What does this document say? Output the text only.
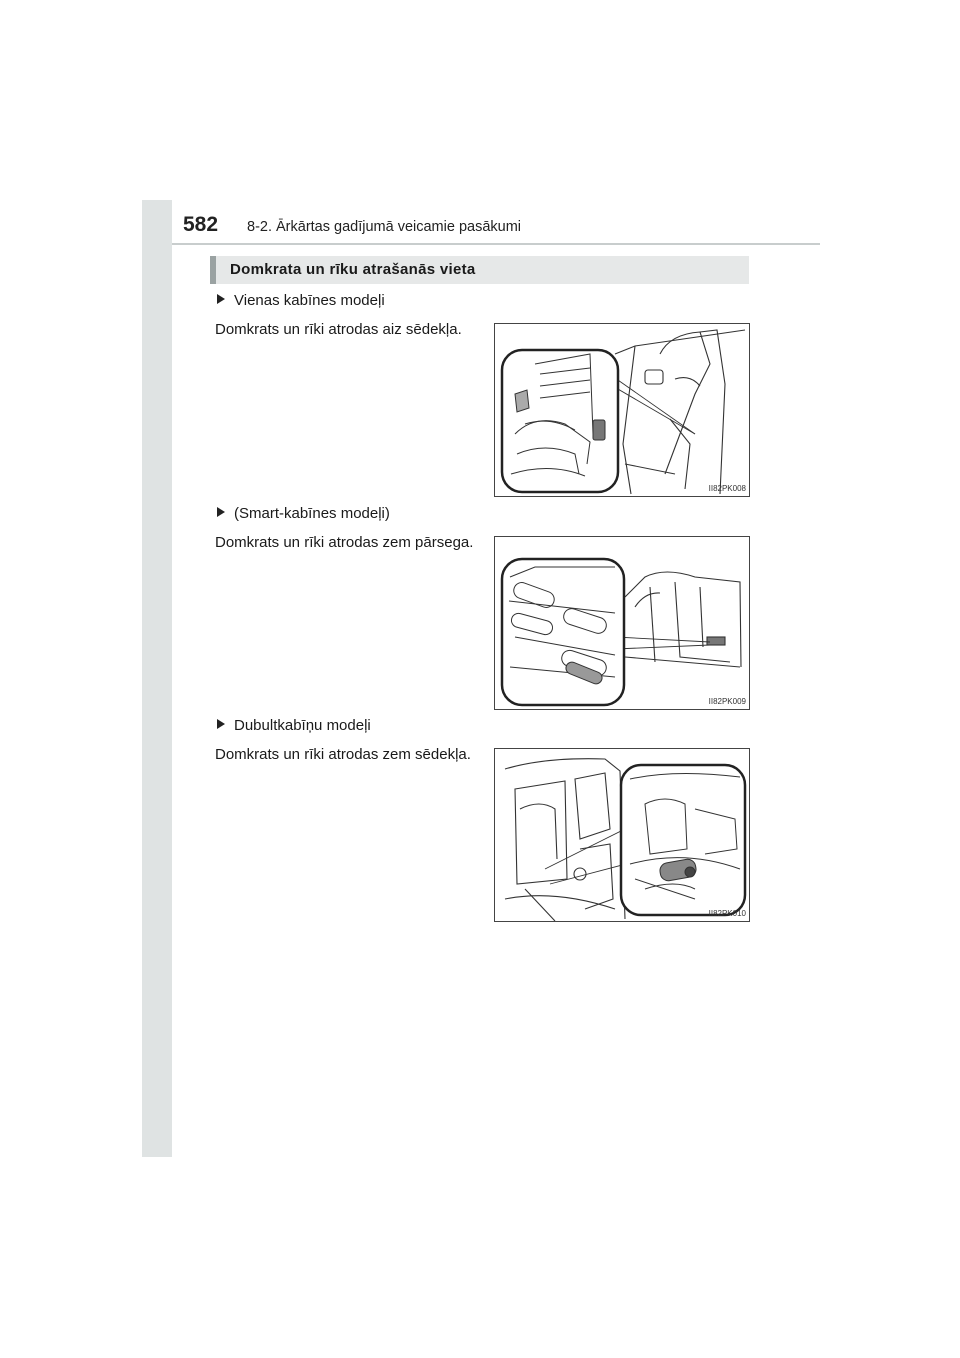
582 8-2. Ārkārtas gadījumā veicamie pasākumi
Domkrata un rīku atrašanās vieta
Vienas kabīnes modeļi
Domkrats un rīki atrodas aiz sēdekļa.
II82PK008
(Smart-kabīnes modeļi)
Domkrats un rīki atrodas zem pārsega.
II82PK009
Dubultkabīņu modeļi
Domkrats un rīki atrodas zem sēdekļa.
II82PK010
